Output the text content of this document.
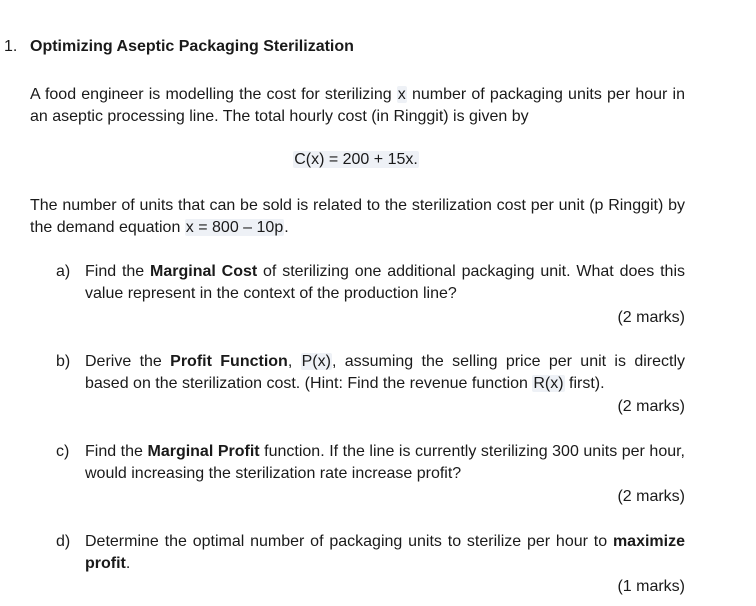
1. Optimizing Aseptic Packaging Sterilization
A food engineer is modelling the cost for sterilizing x number of packaging units per hour in an aseptic processing line. The total hourly cost (in Ringgit) is given by
C(x) = 200 + 15x.
The number of units that can be sold is related to the sterilization cost per unit (p Ringgit) by the demand equation x = 800 – 10p.
a) Find the Marginal Cost of sterilizing one additional packaging unit. What does this value represent in the context of the production line?
(2 marks)
b) Derive the Profit Function, P(x), assuming the selling price per unit is directly based on the sterilization cost. (Hint: Find the revenue function R(x) first).
(2 marks)
c) Find the Marginal Profit function. If the line is currently sterilizing 300 units per hour, would increasing the sterilization rate increase profit?
(2 marks)
d) Determine the optimal number of packaging units to sterilize per hour to maximize profit.
(1 marks)
